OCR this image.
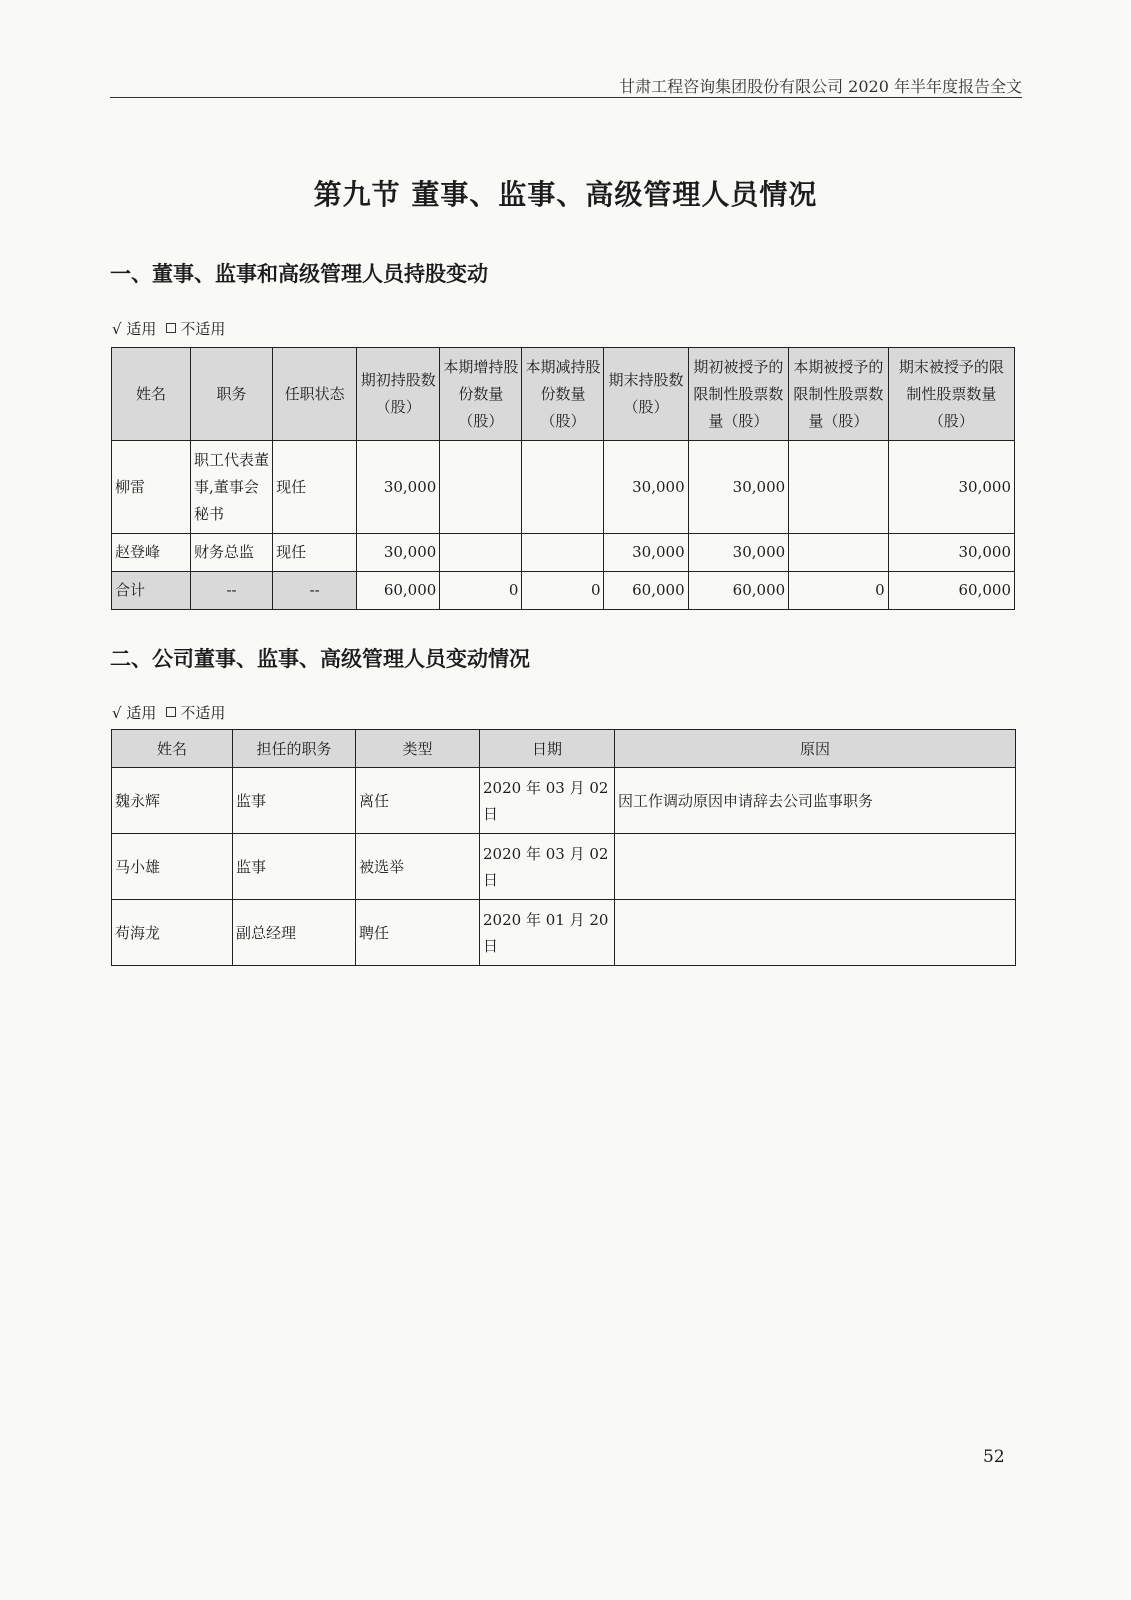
甘肃工程咨询集团股份有限公司 2020 年半年度报告全文
第九节 董事、监事、高级管理人员情况
一、董事、监事和高级管理人员持股变动
√ 适用 不适用
姓名	职务	任职状态	期初持股数（股）	本期增持股份数量（股）	本期减持股份数量（股）	期末持股数（股）	期初被授予的限制性股票数量（股）	本期被授予的限制性股票数量（股）	期末被授予的限制性股票数量（股）
柳雷	职工代表董事,董事会秘书	现任	30,000			30,000	30,000		30,000
赵登峰	财务总监	现任	30,000			30,000	30,000		30,000
合计	--	--	60,000	0	0	60,000	60,000	0	60,000
二、公司董事、监事、高级管理人员变动情况
√ 适用 不适用
姓名	担任的职务	类型	日期	原因
魏永辉	监事	离任	2020 年 03 月 02 日	因工作调动原因申请辞去公司监事职务
马小雄	监事	被选举	2020 年 03 月 02 日	
苟海龙	副总经理	聘任	2020 年 01 月 20 日	
52
